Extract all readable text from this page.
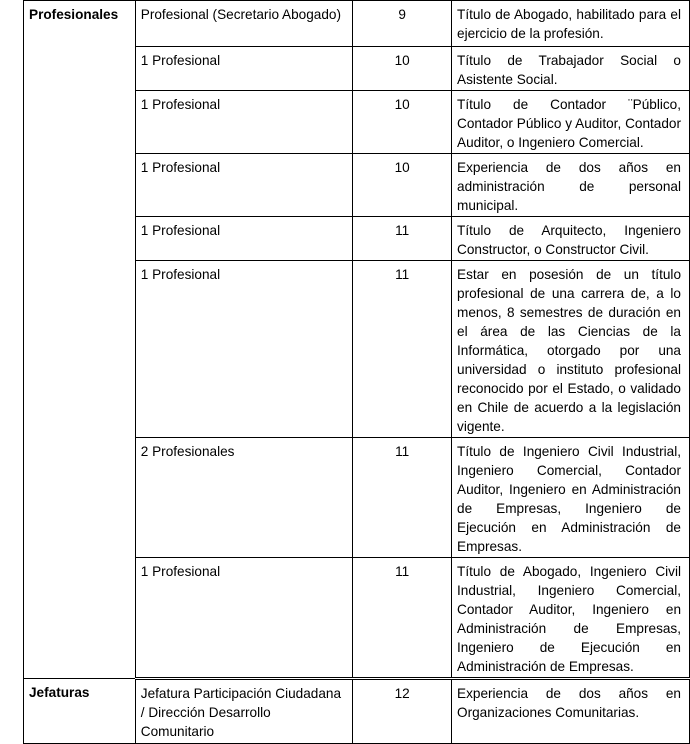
Profesionales	Profesional (Secretario Abogado)	9	Título de Abogado, habilitado para el ejercicio de la profesión.
	1 Profesional	10	Título de Trabajador Social o Asistente Social.
	1 Profesional	10	Título de Contador ¨Público, Contador Público y Auditor, Contador Auditor, o Ingeniero Comercial.
	1 Profesional	10	Experiencia de dos años en administración de personal municipal.
	1 Profesional	11	Título de Arquitecto, Ingeniero Constructor, o Constructor Civil.
	1 Profesional	11	Estar en posesión de un título profesional de una carrera de, a lo menos, 8 semestres de duración en el área de las Ciencias de la Informática, otorgado por una universidad o instituto profesional reconocido por el Estado, o validado en Chile de acuerdo a la legislación vigente.
	2 Profesionales	11	Título de Ingeniero Civil Industrial, Ingeniero Comercial, Contador Auditor, Ingeniero en Administración de Empresas, Ingeniero de Ejecución en Administración de Empresas.
	1 Profesional	11	Título de Abogado, Ingeniero Civil Industrial, Ingeniero Comercial, Contador Auditor, Ingeniero en Administración de Empresas, Ingeniero de Ejecución en Administración de Empresas.
Jefaturas	Jefatura Participación Ciudadana / Dirección Desarrollo Comunitario	12	Experiencia de dos años en Organizaciones Comunitarias.
